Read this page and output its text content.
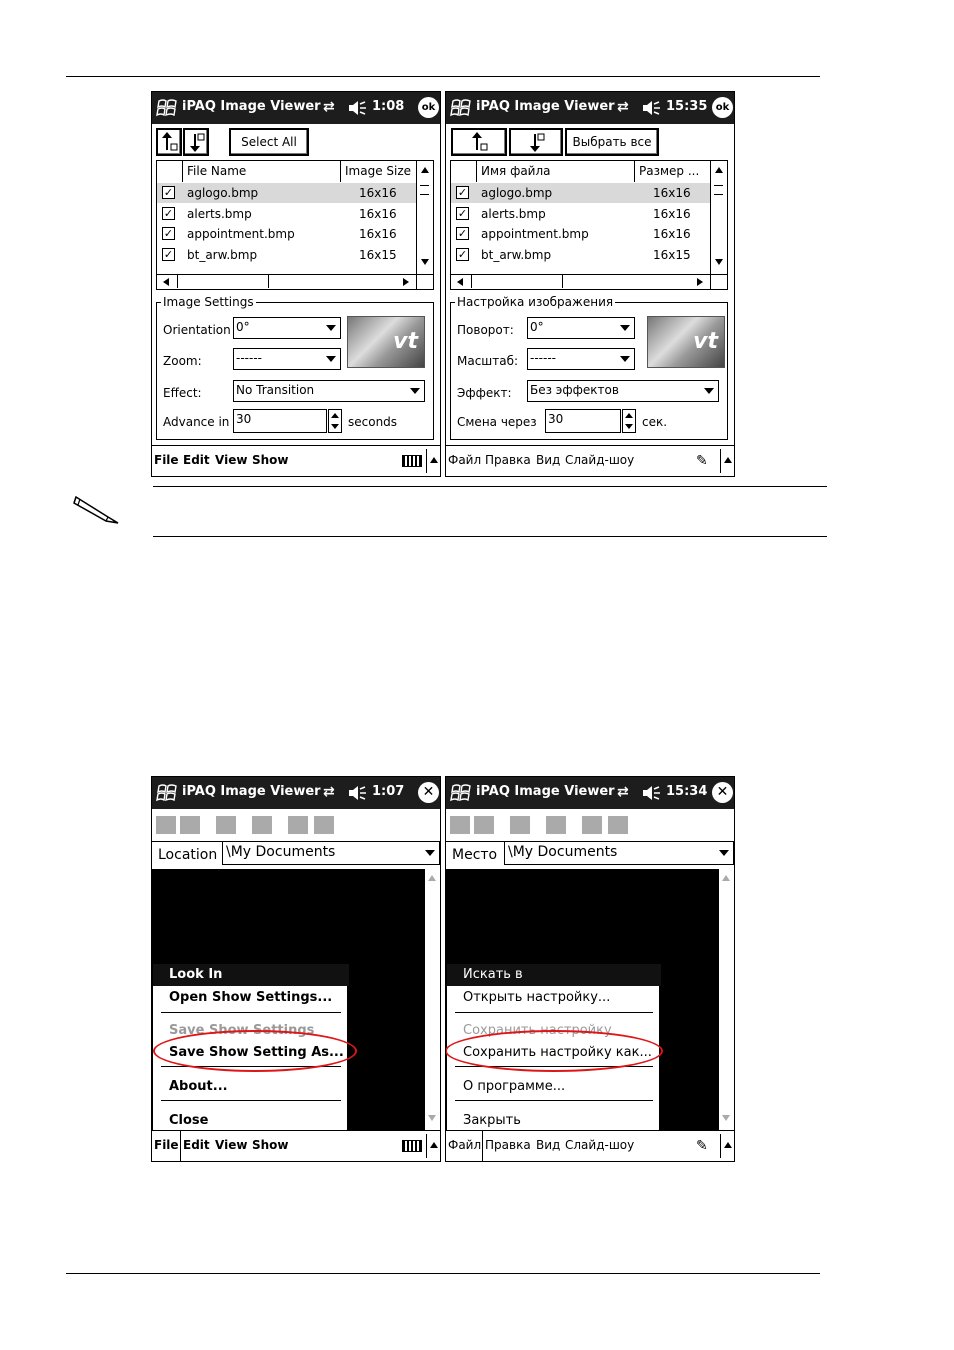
iPAQ Image Viewer ⇄	1:08	ok
Select All
File Name	Image Size
✓ aglogo.bmp	16x16
✓ alerts.bmp	16x16
✓ appointment.bmp	16x16
✓ bt_arw.bmp	16x15
Image Settings
Orientation 0°
Zoom:	------
vt
Effect:	No Transition
Advance in 30	seconds
File Edit View Show
iPAQ Image Viewer ⇄	15:35 ok
Выбрать все
Имя файла	Размер ...
✓ aglogo.bmp	16x16
✓ alerts.bmp	16x16
✓ appointment.bmp	16x16
✓ bt_arw.bmp	16x15
Настройка изображения
Поворот: 0°
Масштаб: ------
vt
Эффект: Без эффектов
Смена через 30	сек.
Файл Правка Вид Слайд-шоу	✎
iPAQ Image Viewer ⇄	1:07	✕
Location \My Documents
Look In
Open Show Settings...
Save Show Settings
Save Show Setting As...
About...
Close
File Edit View Show
iPAQ Image Viewer ⇄	15:34 ✕
Место \My Documents
Искать в
Открыть настройку...
Сохранить настройку
Сохранить настройку как...
О программе...
Закрыть
Файл Правка Вид Слайд-шоу	✎
